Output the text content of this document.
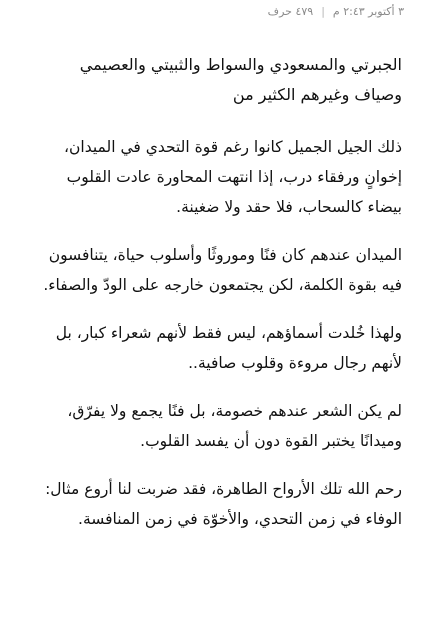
٣ أكتوبر ٢:٤٣ م|٤٧٩ حرف
الجبرتي والمسعودي والسواط والثبيتي والعصيمي
وصياف وغيرهم الكثير من
ذلك الجيل الجميل كانوا رغم قوة التحدي في الميدان،
إخوانٍ ورفقاء درب، إذا انتهت المحاورة عادت القلوب
بيضاء كالسحاب، فلا حقد ولا ضغينة.
الميدان عندهم كان فنًا وموروثًا وأسلوب حياة، يتنافسون
فيه بقوة الكلمة، لكن يجتمعون خارجه على الودّ والصفاء.
ولهذا خُلدت أسماؤهم، ليس فقط لأنهم شعراء كبار، بل
لأنهم رجال مروءة وقلوب صافية..
لم يكن الشعر عندهم خصومة، بل فنًا يجمع ولا يفرّق،
وميدانًا يختبر القوة دون أن يفسد القلوب.
رحم الله تلك الأرواح الطاهرة، فقد ضربت لنا أروع مثال:
الوفاء في زمن التحدي، والأخوّة في زمن المنافسة.
